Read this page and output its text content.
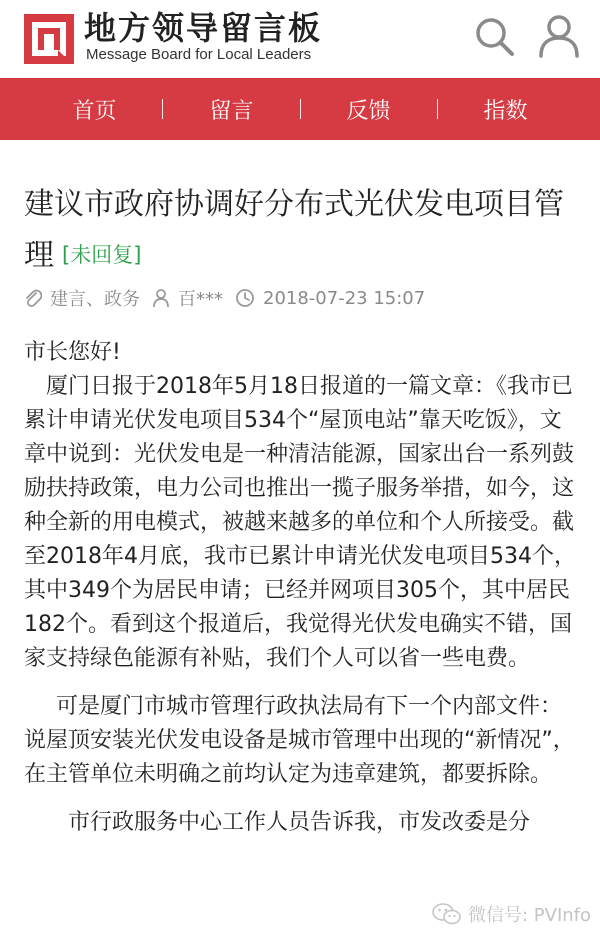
地方领导留言板
Message Board for Local Leaders
首页	留言	反馈	指数
建议市政府协调好分布式光伏发电项目管理 [未回复]
建言、政务 百*** 2018-07-23 15:07

市长您好!

厦门日报于2018年5月18日报道的一篇文章：《我市已累计申请光伏发电项目534个“屋顶电站”靠天吃饭》，文章中说到：光伏发电是一种清洁能源，国家出台一系列鼓励扶持政策，电力公司也推出一揽子服务举措，如今，这种全新的用电模式，被越来越多的单位和个人所接受。截至2018年4月底，我市已累计申请光伏发电项目534个，其中349个为居民申请；已经并网项目305个，其中居民182个。看到这个报道后，我觉得光伏发电确实不错，国家支持绿色能源有补贴，我们个人可以省一些电费。

可是厦门市城市管理行政执法局有下一个内部文件：说屋顶安装光伏发电设备是城市管理中出现的“新情况”，在主管单位未明确之前均认定为违章建筑，都要拆除。

市行政服务中心工作人员告诉我，市发改委是分

微信号: PVInfo
